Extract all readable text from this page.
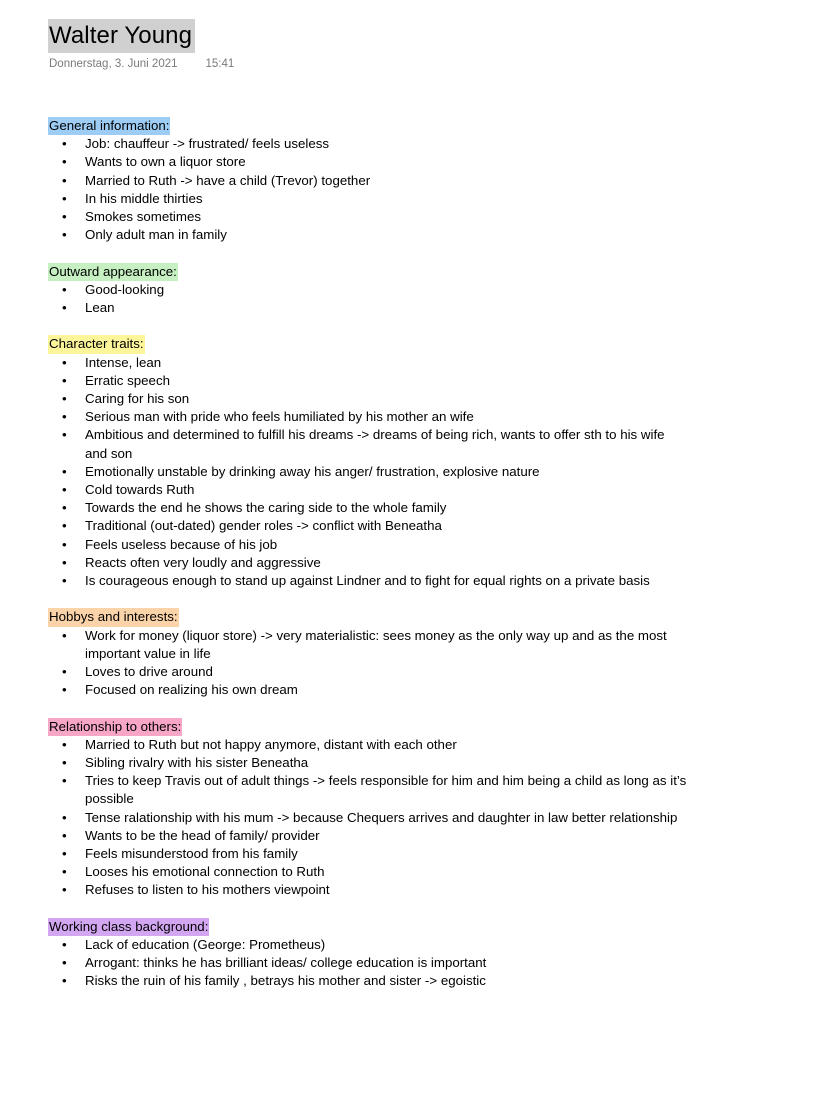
Walter Young
Donnerstag, 3. Juni 2021 15:41
General information:
• Job: chauffeur -> frustrated/ feels useless
• Wants to own a liquor store
• Married to Ruth -> have a child (Trevor) together
• In his middle thirties
• Smokes sometimes
• Only adult man in family
Outward appearance:
• Good-looking
• Lean
Character traits:
• Intense, lean
• Erratic speech
• Caring for his son
• Serious man with pride who feels humiliated by his mother an wife
• Ambitious and determined to fulfill his dreams -> dreams of being rich, wants to offer sth to his wife and son
• Emotionally unstable by drinking away his anger/ frustration, explosive nature
• Cold towards Ruth
• Towards the end he shows the caring side to the whole family
• Traditional (out-dated) gender roles -> conflict with Beneatha
• Feels useless because of his job
• Reacts often very loudly and aggressive
• Is courageous enough to stand up against Lindner and to fight for equal rights on a private basis
Hobbys and interests:
• Work for money (liquor store) -> very materialistic: sees money as the only way up and as the most important value in life
• Loves to drive around
• Focused on realizing his own dream
Relationship to others:
• Married to Ruth but not happy anymore, distant with each other
• Sibling rivalry with his sister Beneatha
• Tries to keep Travis out of adult things -> feels responsible for him and him being a child as long as it’s possible
• Tense ralationship with his mum -> because Chequers arrives and daughter in law better relationship
• Wants to be the head of family/ provider
• Feels misunderstood from his family
• Looses his emotional connection to Ruth
• Refuses to listen to his mothers viewpoint
Working class background:
• Lack of education (George: Prometheus)
• Arrogant: thinks he has brilliant ideas/ college education is important
• Risks the ruin of his family , betrays his mother and sister -> egoistic
